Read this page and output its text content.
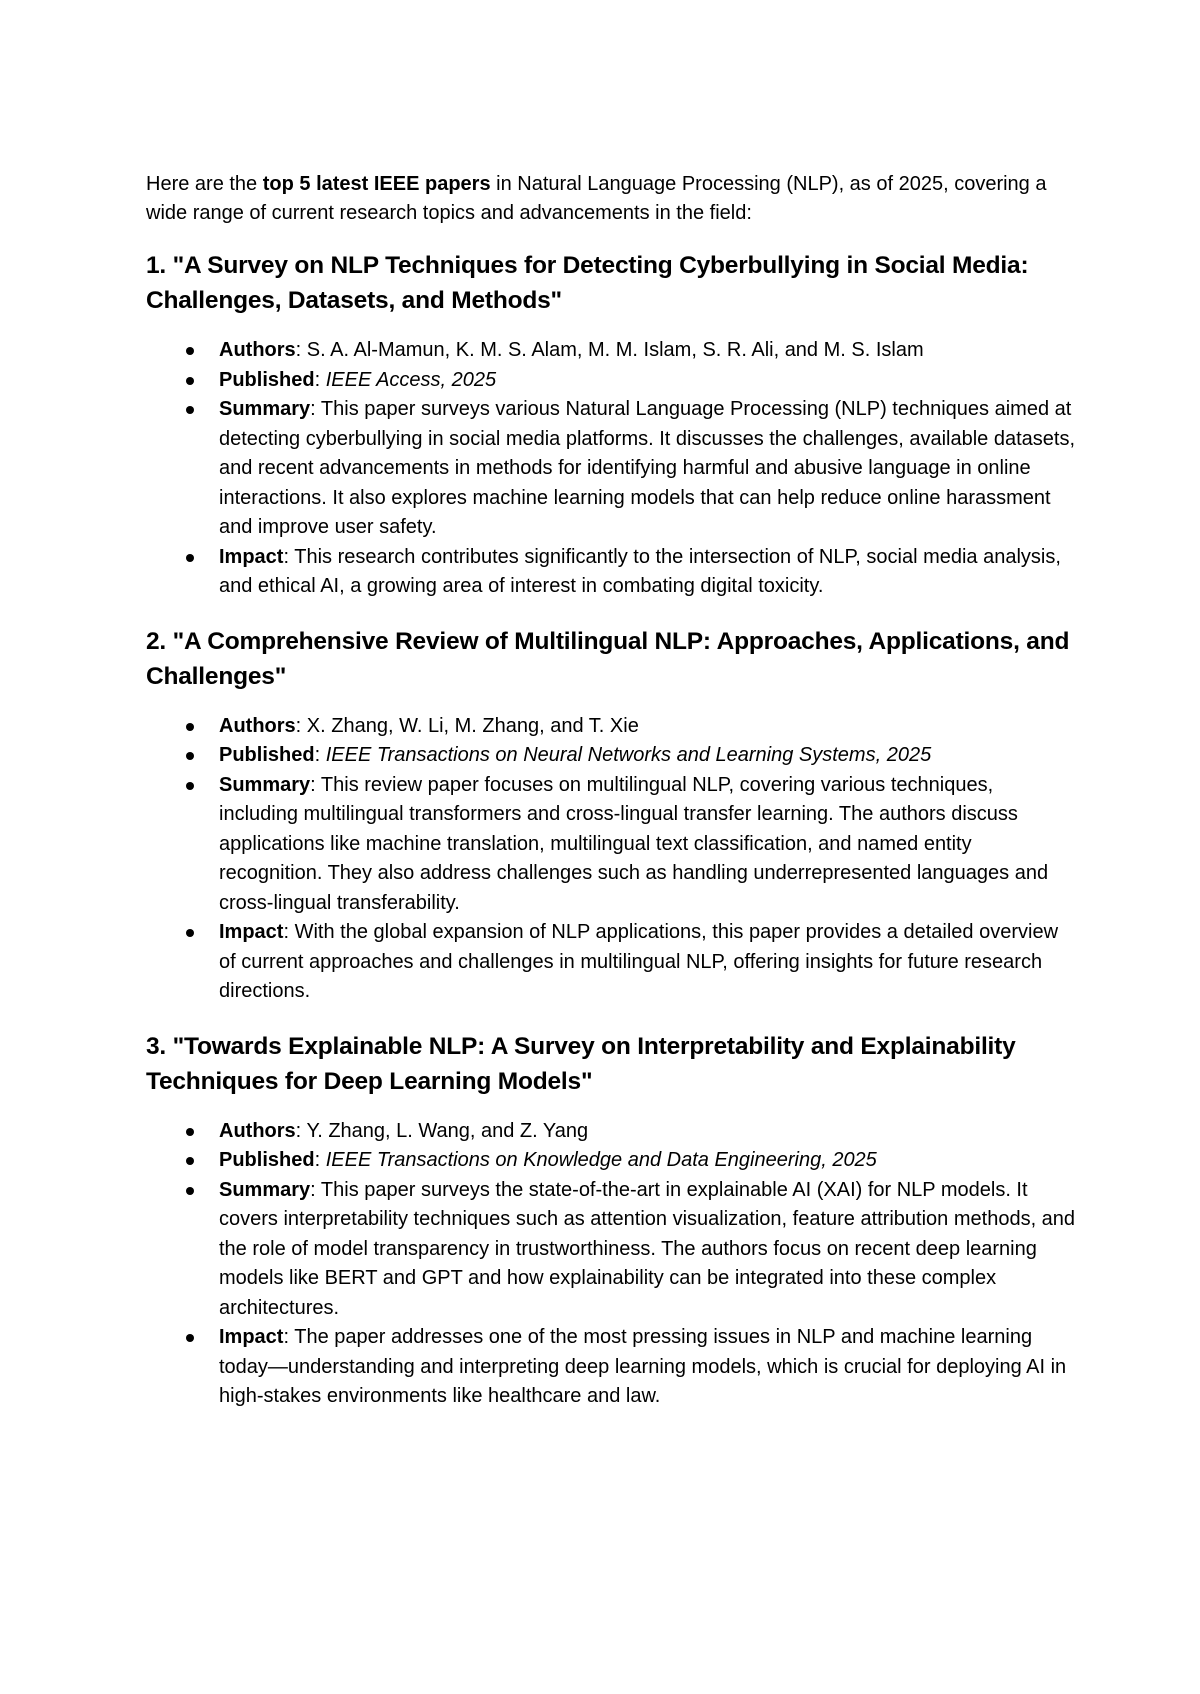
Here are the top 5 latest IEEE papers in Natural Language Processing (NLP), as of 2025, covering a wide range of current research topics and advancements in the field:

1. "A Survey on NLP Techniques for Detecting Cyberbullying in Social Media: Challenges, Datasets, and Methods"
Authors: S. A. Al-Mamun, K. M. S. Alam, M. M. Islam, S. R. Ali, and M. S. Islam
Published: IEEE Access, 2025
Summary: This paper surveys various Natural Language Processing (NLP) techniques aimed at detecting cyberbullying in social media platforms. It discusses the challenges, available datasets, and recent advancements in methods for identifying harmful and abusive language in online interactions. It also explores machine learning models that can help reduce online harassment and improve user safety.
Impact: This research contributes significantly to the intersection of NLP, social media analysis, and ethical AI, a growing area of interest in combating digital toxicity.
2. "A Comprehensive Review of Multilingual NLP: Approaches, Applications, and Challenges"
Authors: X. Zhang, W. Li, M. Zhang, and T. Xie
Published: IEEE Transactions on Neural Networks and Learning Systems, 2025
Summary: This review paper focuses on multilingual NLP, covering various techniques, including multilingual transformers and cross-lingual transfer learning. The authors discuss applications like machine translation, multilingual text classification, and named entity recognition. They also address challenges such as handling underrepresented languages and cross-lingual transferability.
Impact: With the global expansion of NLP applications, this paper provides a detailed overview of current approaches and challenges in multilingual NLP, offering insights for future research directions.
3. "Towards Explainable NLP: A Survey on Interpretability and Explainability Techniques for Deep Learning Models"
Authors: Y. Zhang, L. Wang, and Z. Yang
Published: IEEE Transactions on Knowledge and Data Engineering, 2025
Summary: This paper surveys the state-of-the-art in explainable AI (XAI) for NLP models. It covers interpretability techniques such as attention visualization, feature attribution methods, and the role of model transparency in trustworthiness. The authors focus on recent deep learning models like BERT and GPT and how explainability can be integrated into these complex architectures.
Impact: The paper addresses one of the most pressing issues in NLP and machine learning today—understanding and interpreting deep learning models, which is crucial for deploying AI in high-stakes environments like healthcare and law.
